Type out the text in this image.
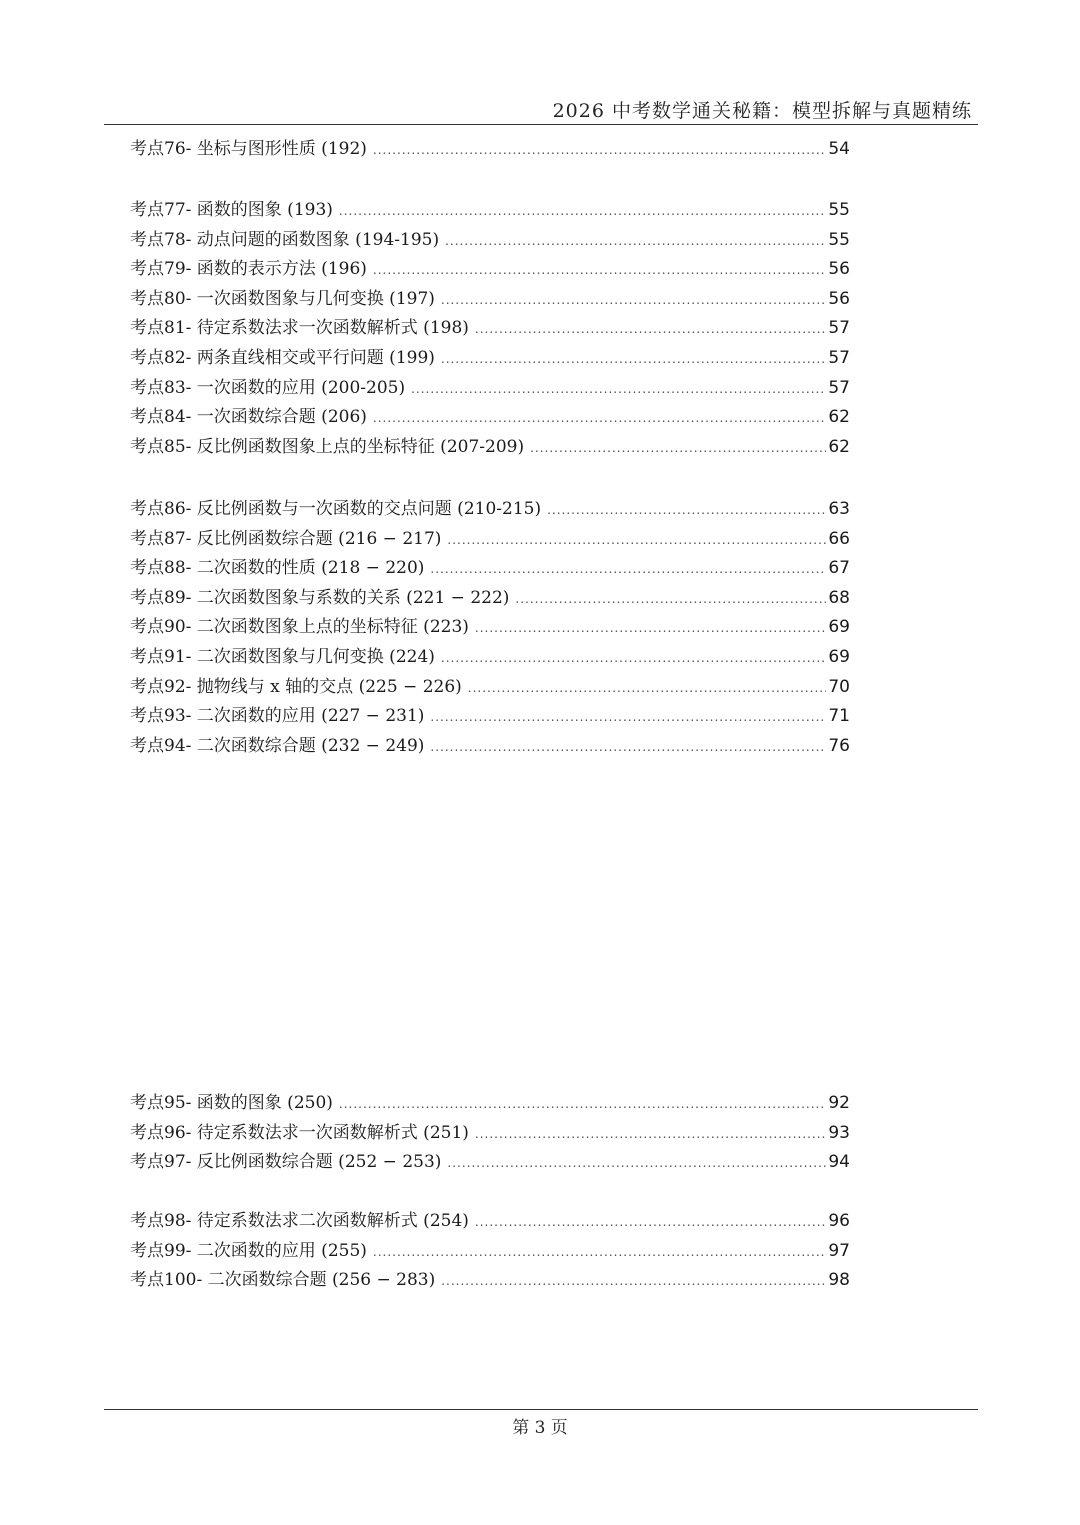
2026 中考数学通关秘籍：模型拆解与真题精练
考点76- 坐标与图形性质 (192) .....	54
考点77- 函数的图象 (193) .....	55
考点78- 动点问题的函数图象 (194-195) .....	55
考点79- 函数的表示方法 (196) .....	56
考点80- 一次函数图象与几何变换 (197) .....	56
考点81- 待定系数法求一次函数解析式 (198) .....	57
考点82- 两条直线相交或平行问题 (199) .....	57
考点83- 一次函数的应用 (200-205) .....	57
考点84- 一次函数综合题 (206) .....	62
考点85- 反比例函数图象上点的坐标特征 (207-209) .....	62
考点86- 反比例函数与一次函数的交点问题 (210-215) .....	63
考点87- 反比例函数综合题 (216 − 217) .....	66
考点88- 二次函数的性质 (218 − 220) .....	67
考点89- 二次函数图象与系数的关系 (221 − 222) .....	68
考点90- 二次函数图象上点的坐标特征 (223) .....	69
考点91- 二次函数图象与几何变换 (224) .....	69
考点92- 抛物线与 x 轴的交点 (225 − 226) .....	70
考点93- 二次函数的应用 (227 − 231) .....	71
考点94- 二次函数综合题 (232 − 249) .....	76
考点95- 函数的图象 (250) .....	92
考点96- 待定系数法求一次函数解析式 (251) .....	93
考点97- 反比例函数综合题 (252 − 253) .....	94
考点98- 待定系数法求二次函数解析式 (254) .....	96
考点99- 二次函数的应用 (255) .....	97
考点100- 二次函数综合题 (256 − 283) .....	98
第 3 页
